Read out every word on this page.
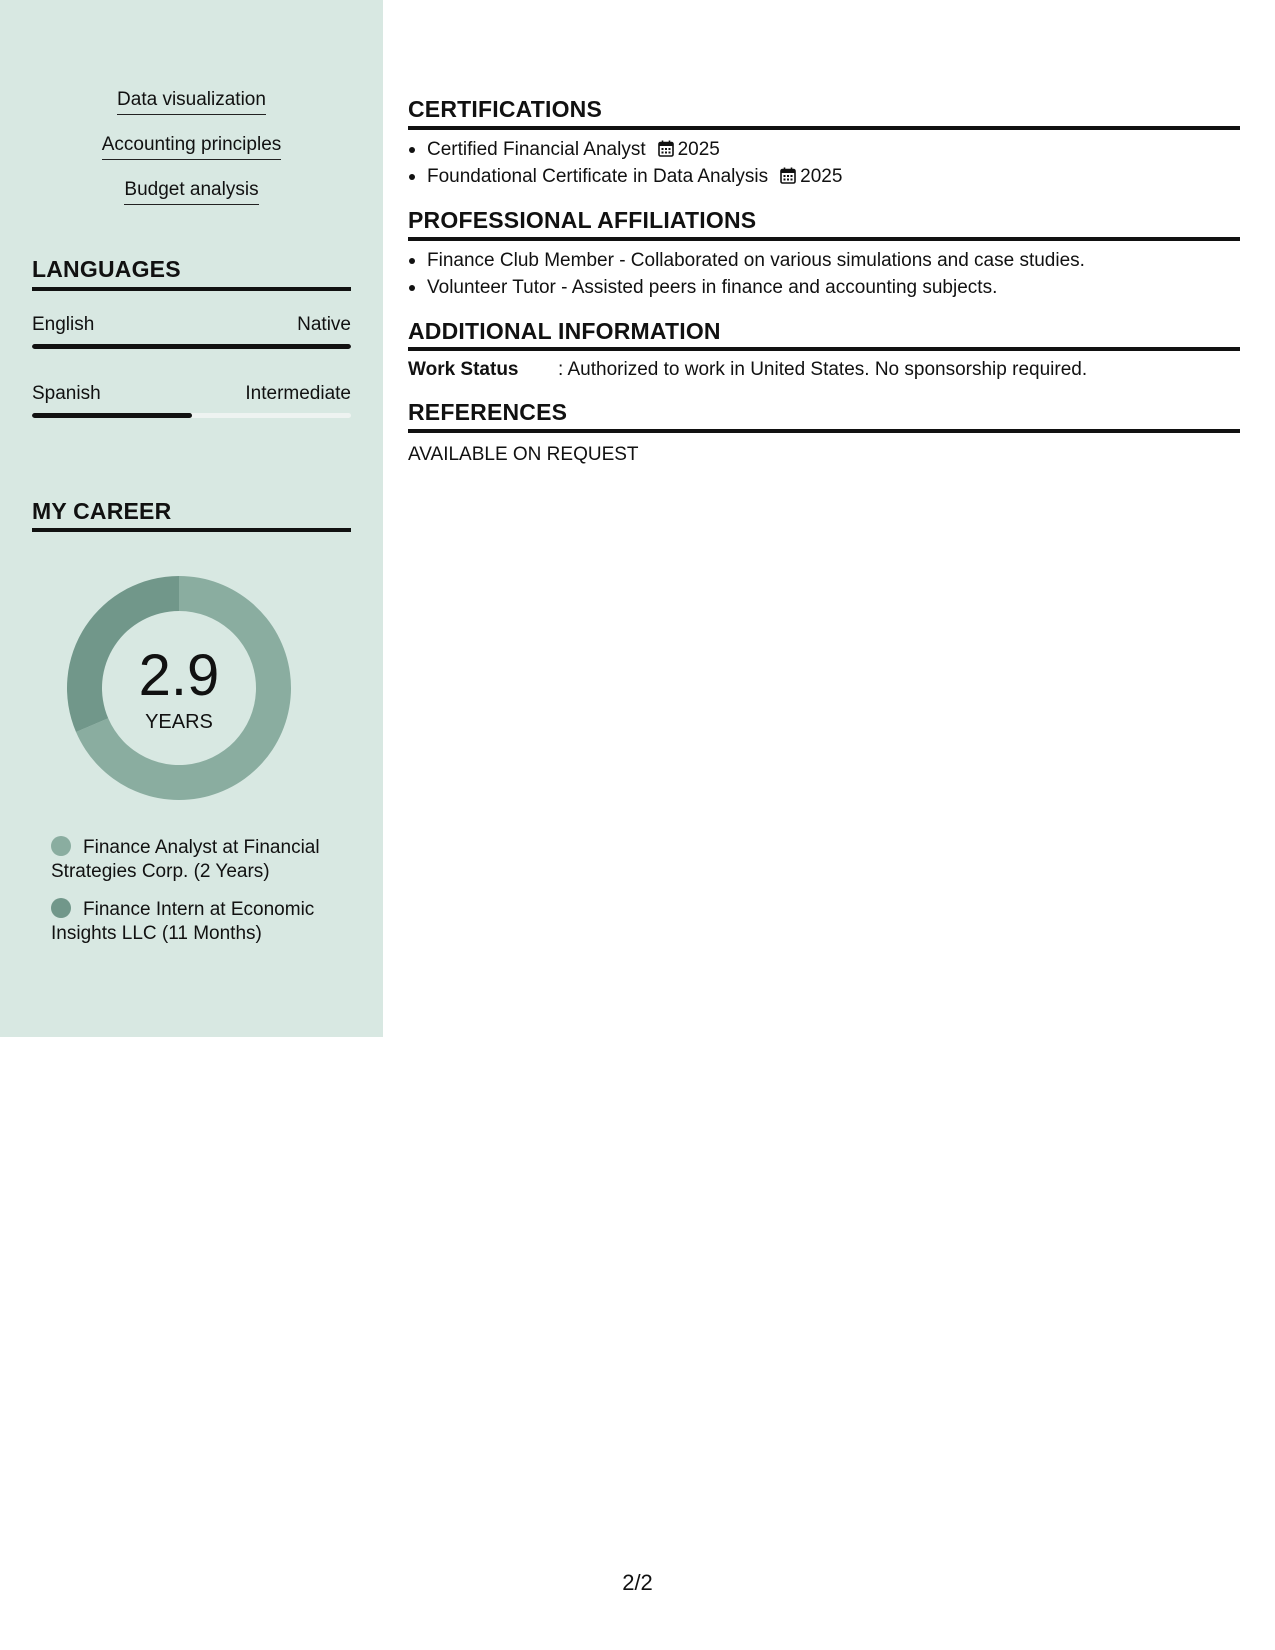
Data visualization
Accounting principles
Budget analysis
LANGUAGES
English	Native
Spanish	Intermediate
MY CAREER
2.9
YEARS
Finance Analyst at Financial Strategies Corp. (2 Years)
Finance Intern at Economic Insights LLC (11 Months)
CERTIFICATIONS
Certified Financial Analyst 2025
Foundational Certificate in Data Analysis 2025
PROFESSIONAL AFFILIATIONS
Finance Club Member - Collaborated on various simulations and case studies.
Volunteer Tutor - Assisted peers in finance and accounting subjects.
ADDITIONAL INFORMATION
Work Status : Authorized to work in United States. No sponsorship required.
REFERENCES
AVAILABLE ON REQUEST
2/2
